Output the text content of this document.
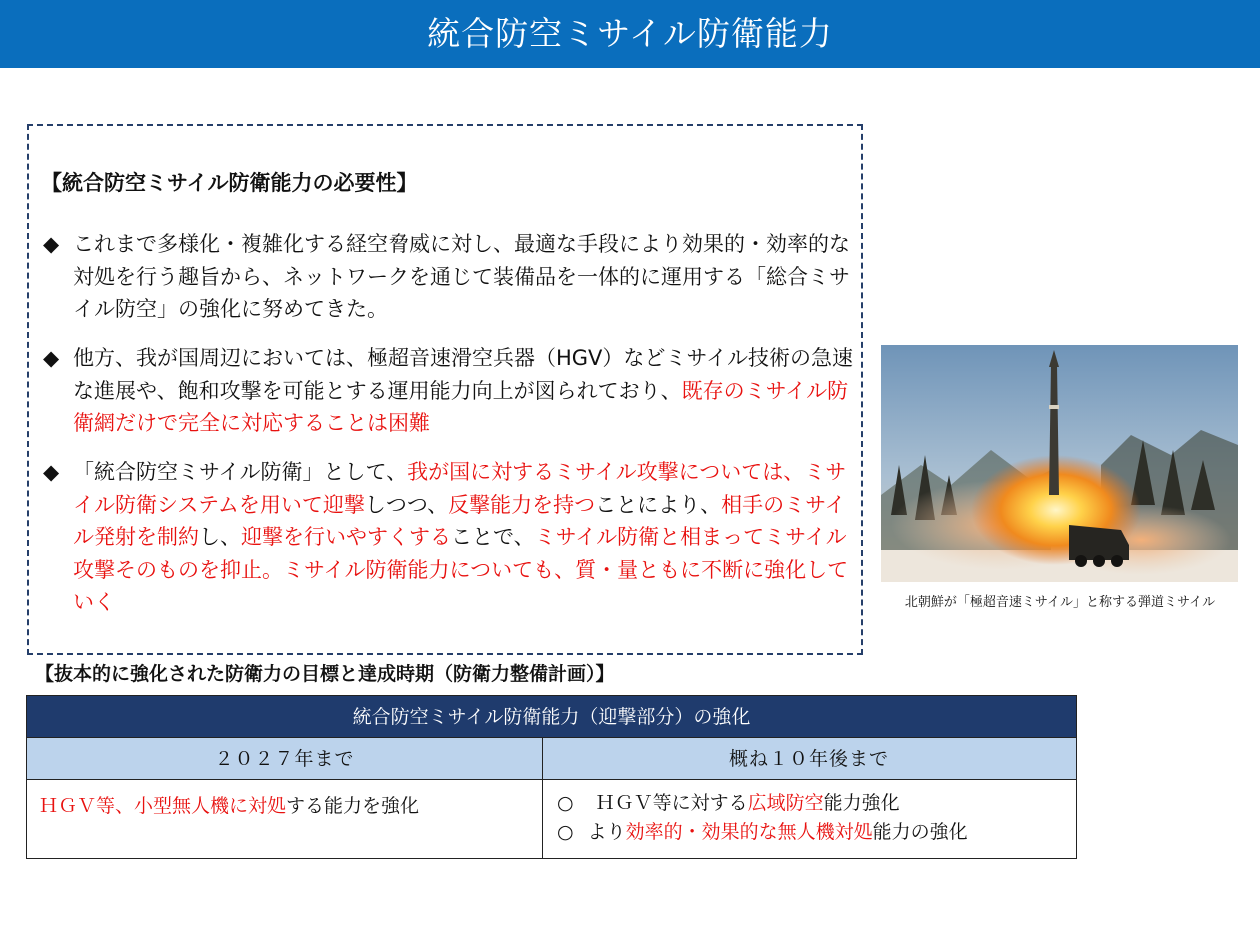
統合防空ミサイル防衛能力
【統合防空ミサイル防衛能力の必要性】
◆ これまで多様化・複雑化する経空脅威に対し、最適な手段により効果的・効率的な対処を行う趣旨から、ネットワークを通じて装備品を一体的に運用する「総合ミサイル防空」の強化に努めてきた。
◆ 他方、我が国周辺においては、極超音速滑空兵器（HGV）などミサイル技術の急速な進展や、飽和攻撃を可能とする運用能力向上が図られており、既存のミサイル防衛網だけで完全に対応することは困難
◆ 「統合防空ミサイル防衛」として、我が国に対するミサイル攻撃については、ミサイル防衛システムを用いて迎撃しつつ、反撃能力を持つことにより、相手のミサイル発射を制約し、迎撃を行いやすくすることで、ミサイル防衛と相まってミサイル攻撃そのものを抑止。ミサイル防衛能力についても、質・量ともに不断に強化していく	北朝鮮が「極超音速ミサイル」と称する弾道ミサイル
【抜本的に強化された防衛力の目標と達成時期（防衛力整備計画）】
統合防空ミサイル防衛能力（迎撃部分）の強化
２０２７年まで	概ね１０年後まで
ＨＧＶ等、小型無人機に対処する能力を強化	○ ＨＧＶ等に対する広域防空能力強化
○ より効率的・効果的な無人機対処能力の強化
